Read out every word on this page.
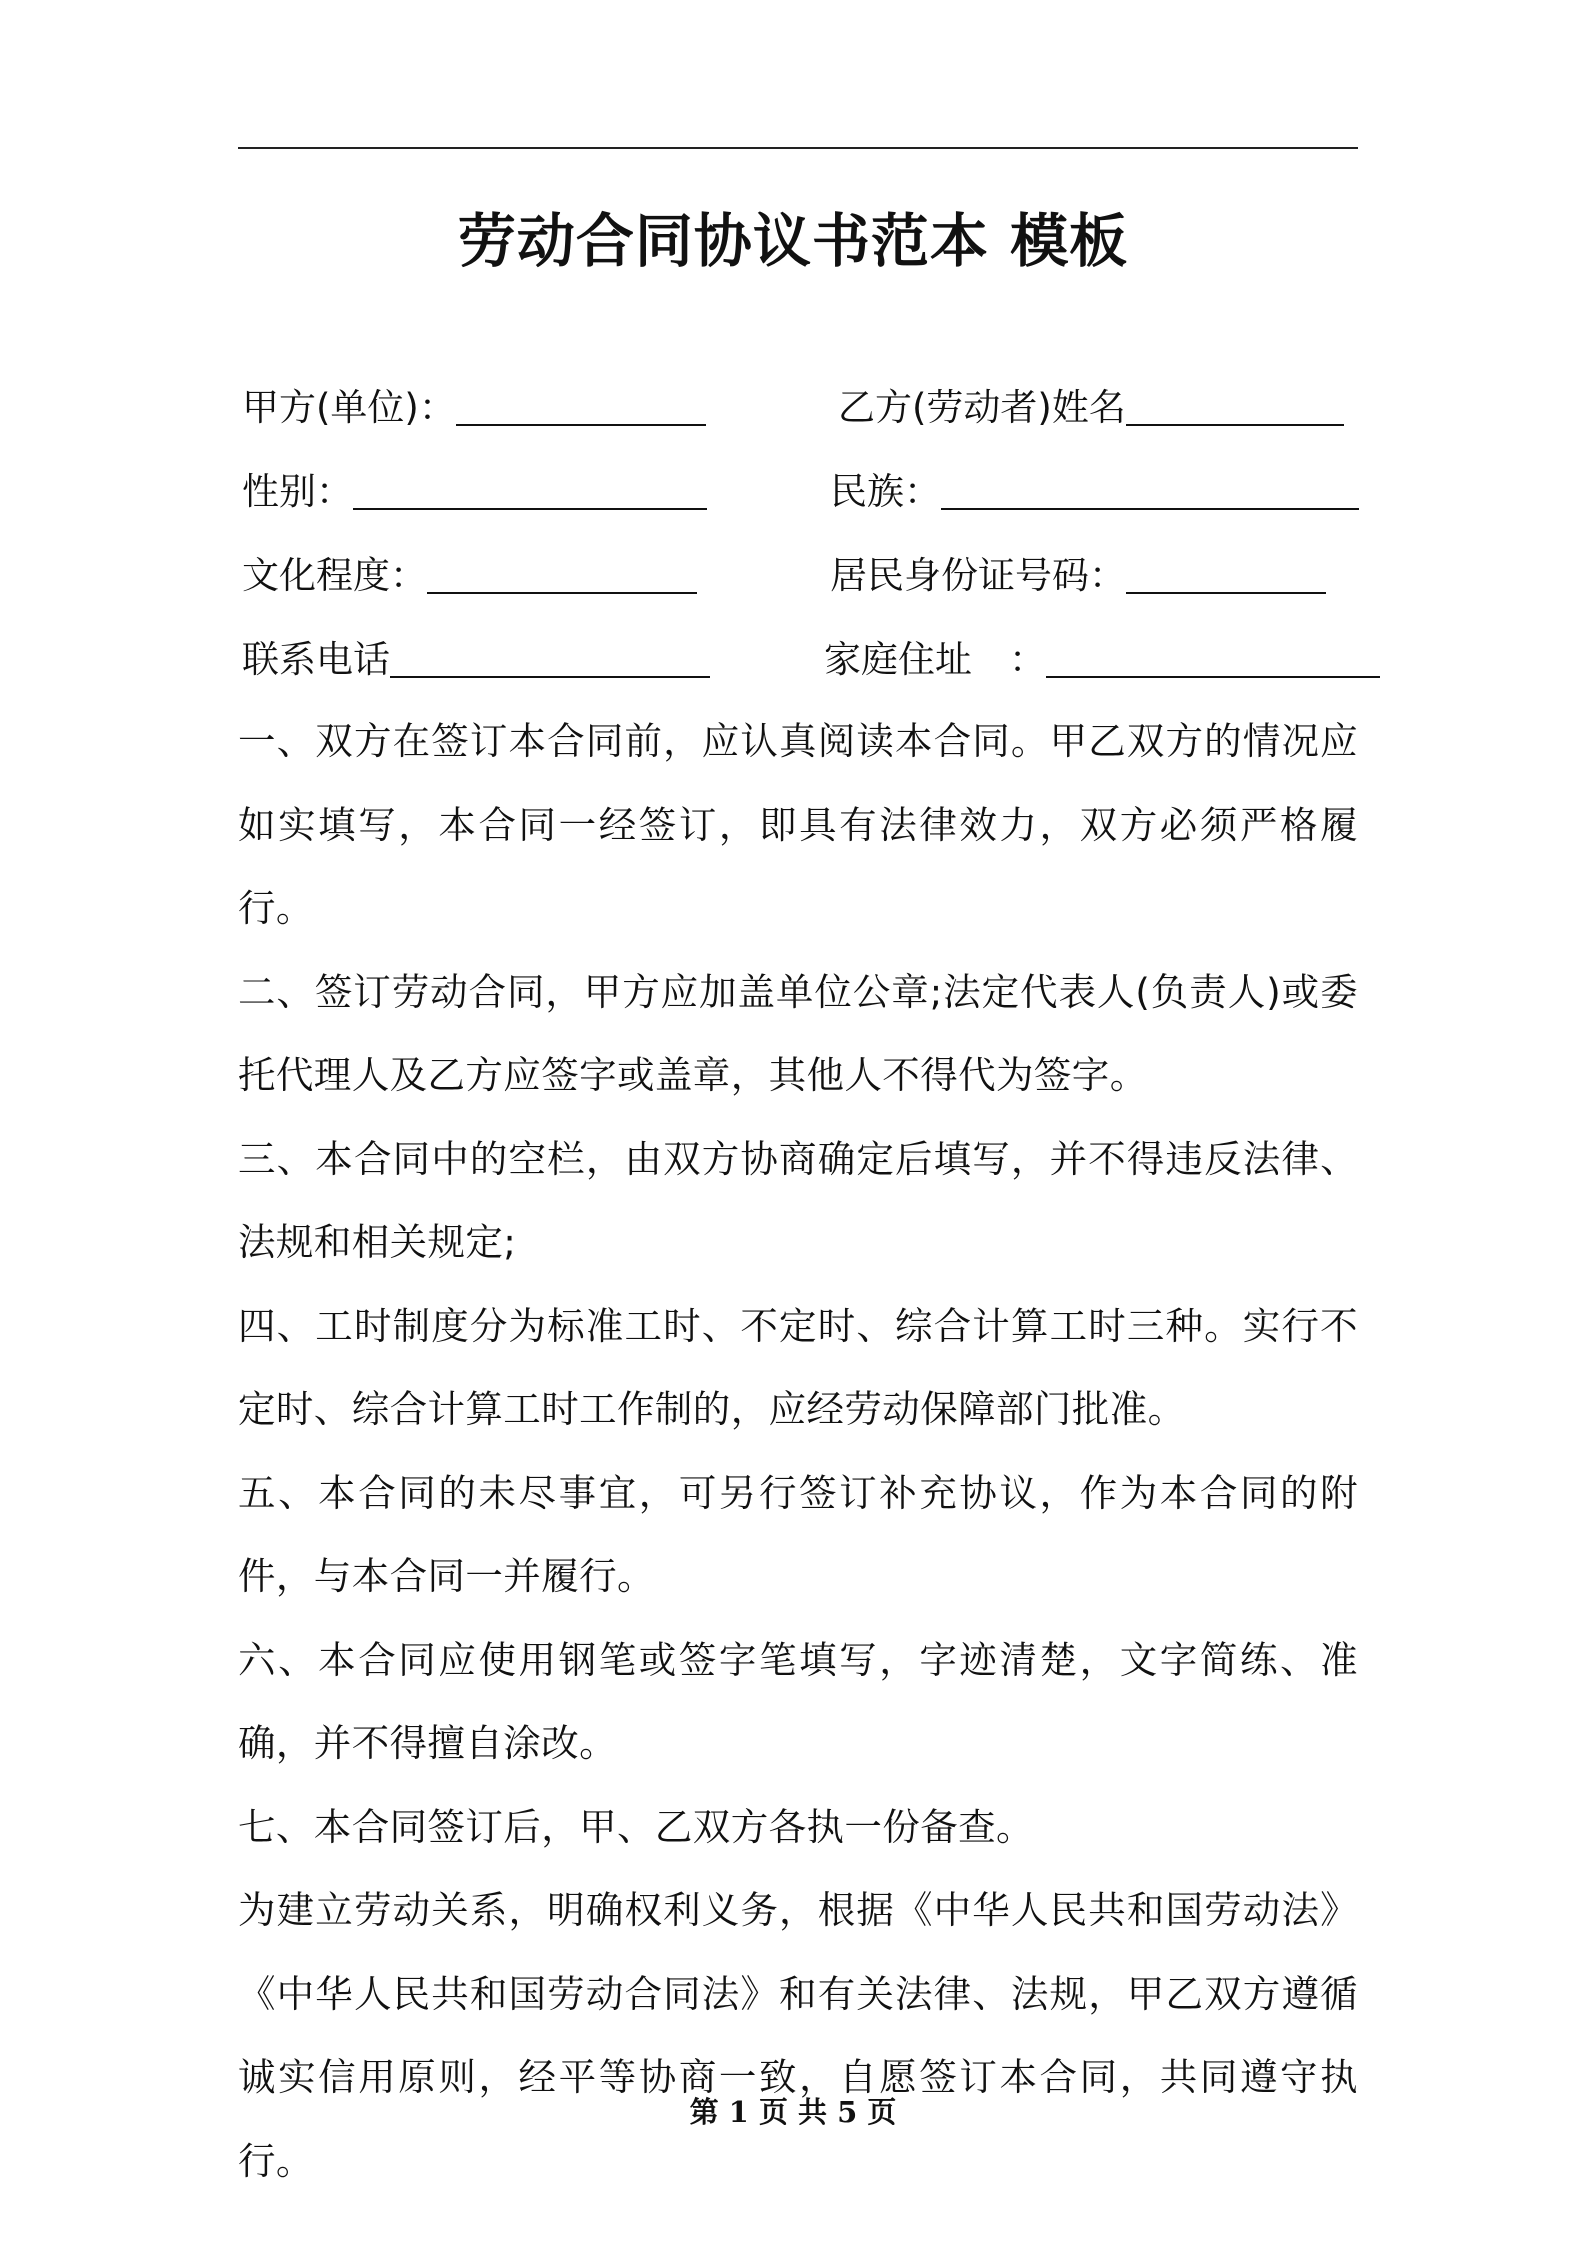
劳动合同协议书范本 模板
甲方(单位)：	乙方(劳动者)姓名
性别：	民族：
文化程度：	居民身份证号码：
联系电话	家庭住址　：

一、双方在签订本合同前，应认真阅读本合同。甲乙双方的情况应如实填写，本合同一经签订，即具有法律效力，双方必须严格履行。

二、签订劳动合同，甲方应加盖单位公章;法定代表人(负责人)或委托代理人及乙方应签字或盖章，其他人不得代为签字。

三、本合同中的空栏，由双方协商确定后填写，并不得违反法律、法规和相关规定;

四、工时制度分为标准工时、不定时、综合计算工时三种。实行不定时、综合计算工时工作制的，应经劳动保障部门批准。

五、本合同的未尽事宜，可另行签订补充协议，作为本合同的附件，与本合同一并履行。

六、本合同应使用钢笔或签字笔填写，字迹清楚，文字简练、准确，并不得擅自涂改。

七、本合同签订后，甲、乙双方各执一份备查。

为建立劳动关系，明确权利义务，根据《中华人民共和国劳动法》《中华人民共和国劳动合同法》和有关法律、法规，甲乙双方遵循诚实信用原则，经平等协商一致，自愿签订本合同，共同遵守执行。

第 1 页 共 5 页
